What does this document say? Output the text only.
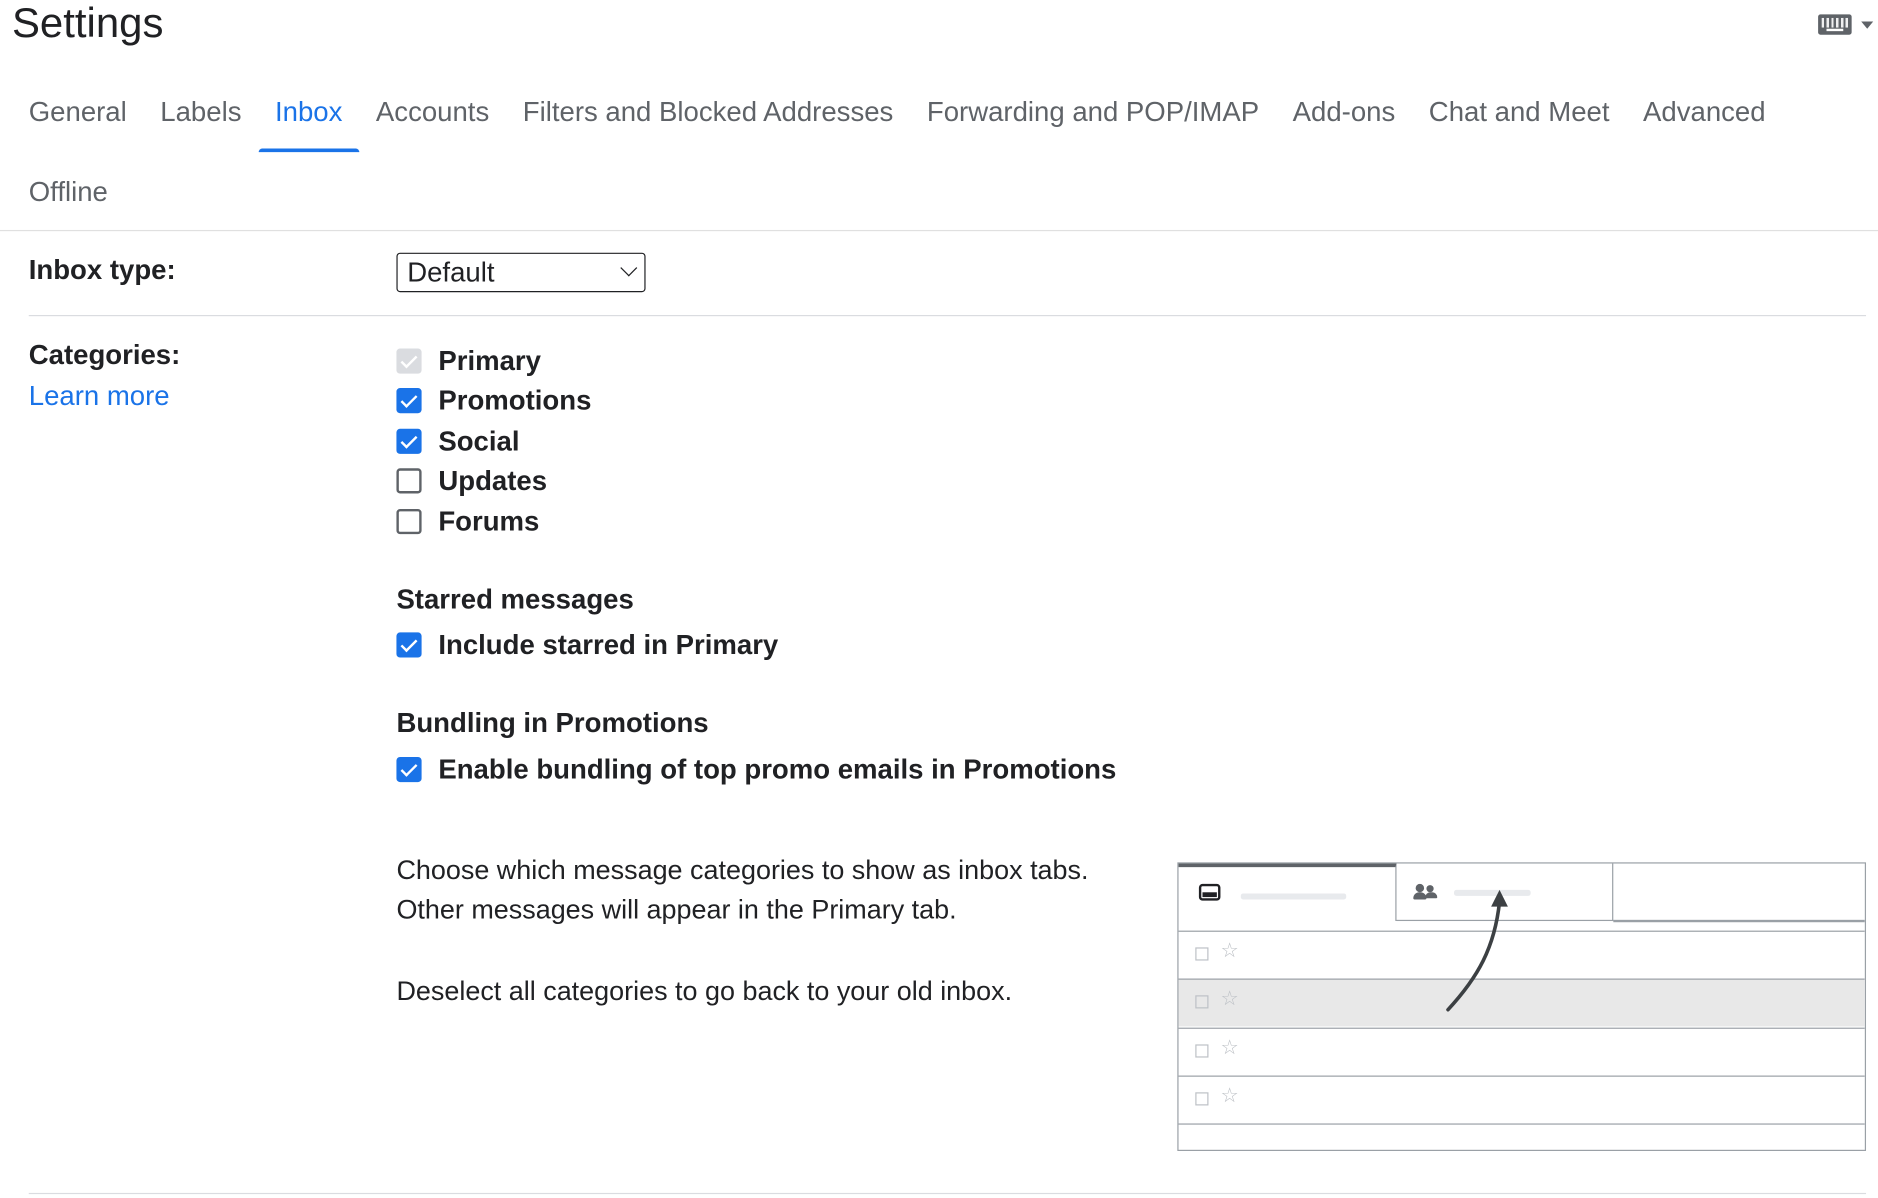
Settings
General	Labels	Inbox	Accounts	Filters and Blocked Addresses	Forwarding and POP/IMAP	Add-ons	Chat and Meet	Advanced
Offline
Inbox type:	Default
Categories:
Learn more
Primary
Promotions
Social
Updates
Forums
Starred messages
Include starred in Primary
Bundling in Promotions
Enable bundling of top promo emails in Promotions
Choose which message categories to show as inbox tabs. Other messages will appear in the Primary tab.
Deselect all categories to go back to your old inbox.
☆
☆
☆
☆
